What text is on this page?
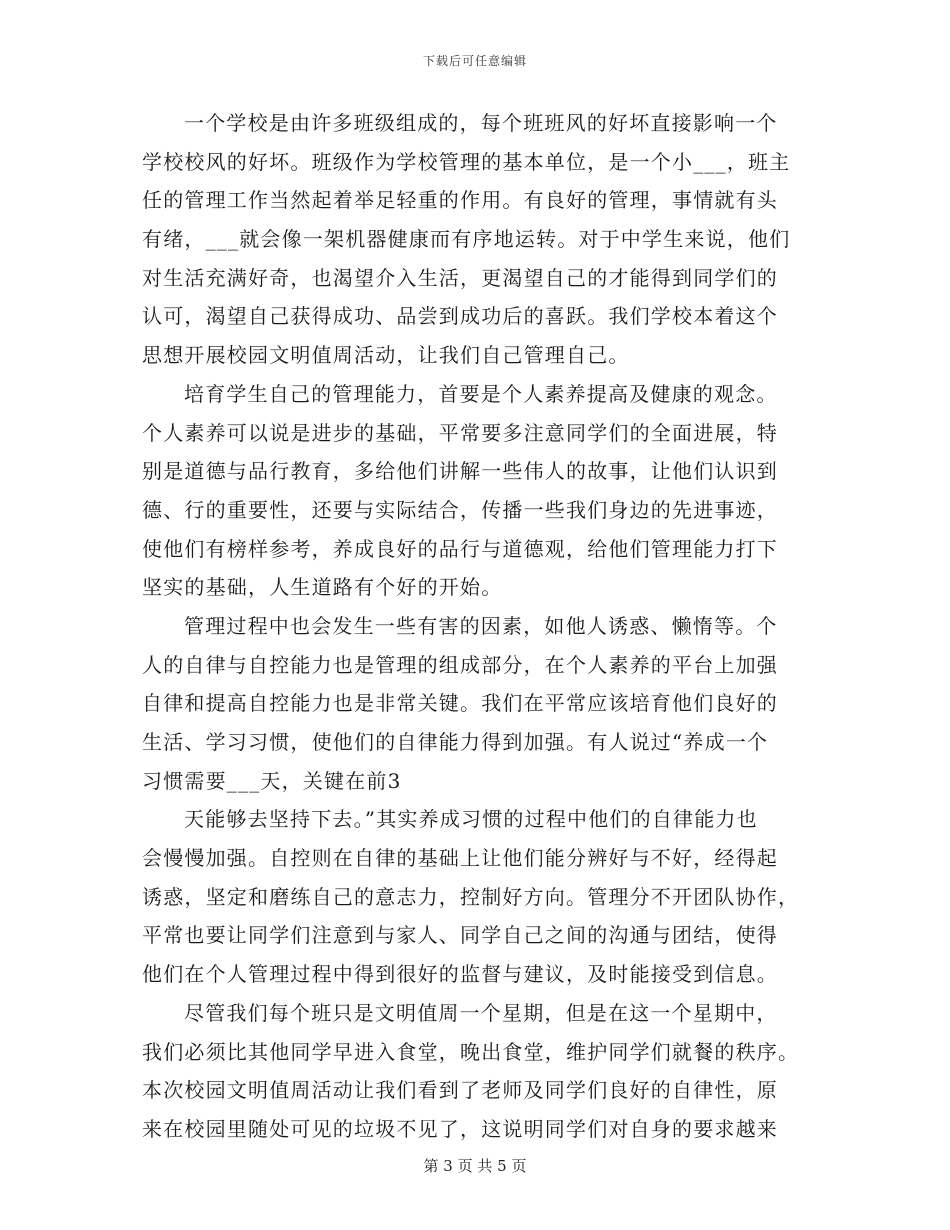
下载后可任意编辑
一个学校是由许多班级组成的，每个班班风的好坏直接影响一个
学校校风的好坏。班级作为学校管理的基本单位，是一个小___，班主
任的管理工作当然起着举足轻重的作用。有良好的管理，事情就有头
有绪，___就会像一架机器健康而有序地运转。对于中学生来说，他们
对生活充满好奇，也渴望介入生活，更渴望自己的才能得到同学们的
认可，渴望自己获得成功、品尝到成功后的喜跃。我们学校本着这个
思想开展校园文明值周活动，让我们自己管理自己。
培育学生自己的管理能力，首要是个人素养提高及健康的观念。
个人素养可以说是进步的基础，平常要多注意同学们的全面进展，特
别是道德与品行教育，多给他们讲解一些伟人的故事，让他们认识到
德、行的重要性，还要与实际结合，传播一些我们身边的先进事迹，
使他们有榜样参考，养成良好的品行与道德观，给他们管理能力打下
坚实的基础，人生道路有个好的开始。
管理过程中也会发生一些有害的因素，如他人诱惑、懒惰等。个
人的自律与自控能力也是管理的组成部分，在个人素养的平台上加强
自律和提高自控能力也是非常关键。我们在平常应该培育他们良好的
生活、学习习惯，使他们的自律能力得到加强。有人说过“养成一个
习惯需要___天，关键在前3
天能够去坚持下去。”其实养成习惯的过程中他们的自律能力也
会慢慢加强。自控则在自律的基础上让他们能分辨好与不好，经得起
诱惑，坚定和磨练自己的意志力，控制好方向。管理分不开团队协作，
平常也要让同学们注意到与家人、同学自己之间的沟通与团结，使得
他们在个人管理过程中得到很好的监督与建议，及时能接受到信息。
尽管我们每个班只是文明值周一个星期，但是在这一个星期中，
我们必须比其他同学早进入食堂，晚出食堂，维护同学们就餐的秩序。
本次校园文明值周活动让我们看到了老师及同学们良好的自律性，原
来在校园里随处可见的垃圾不见了，这说明同学们对自身的要求越来
第 3 页 共 5 页
